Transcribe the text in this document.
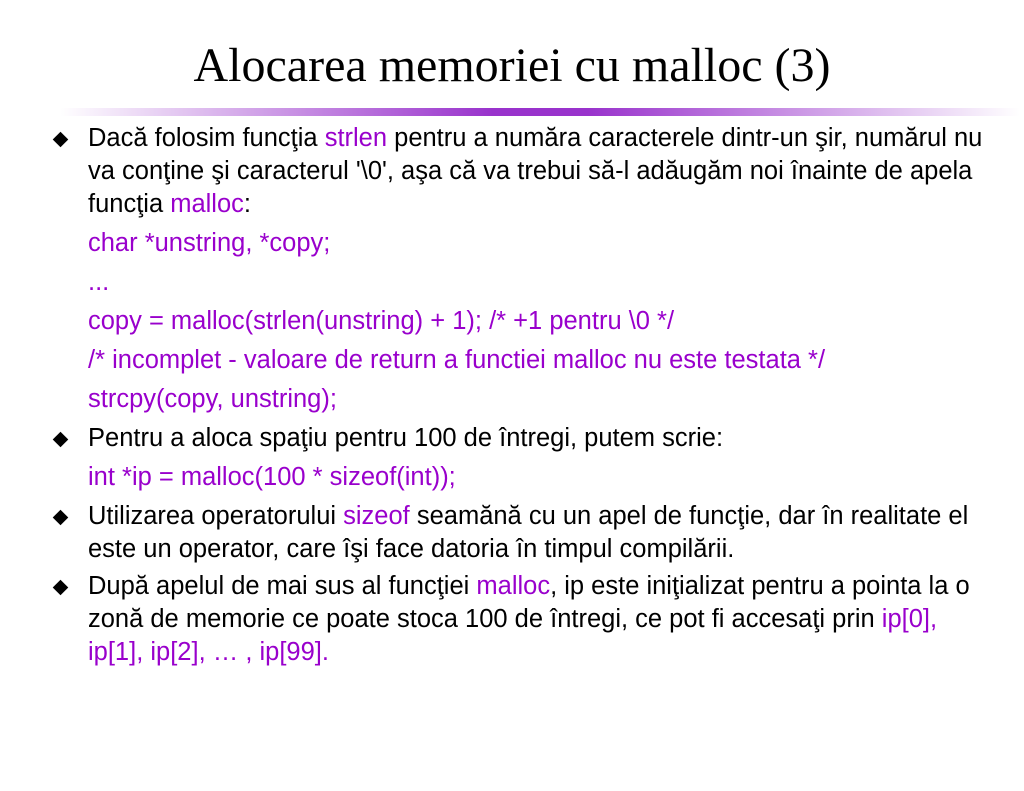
Alocarea memoriei cu malloc (3)
Dacă folosim funcţia strlen pentru a număra caracterele dintr-un şir, numărul nu va conţine şi caracterul '\0', aşa că va trebui să-l adăugăm noi înainte de apela funcţia malloc:
char *unstring, *copy;
...
copy = malloc(strlen(unstring) + 1); /* +1 pentru \0 */
/* incomplet - valoare de return a functiei malloc nu este testata */
strcpy(copy, unstring);
Pentru a aloca spaţiu pentru 100 de întregi, putem scrie:
int *ip = malloc(100 * sizeof(int));
Utilizarea operatorului sizeof seamănă cu un apel de funcţie, dar în realitate el este un operator, care îşi face datoria în timpul compilării.
După apelul de mai sus al funcţiei malloc, ip este iniţializat pentru a pointa la o zonă de memorie ce poate stoca 100 de întregi, ce pot fi accesaţi prin ip[0], ip[1], ip[2], … , ip[99].
